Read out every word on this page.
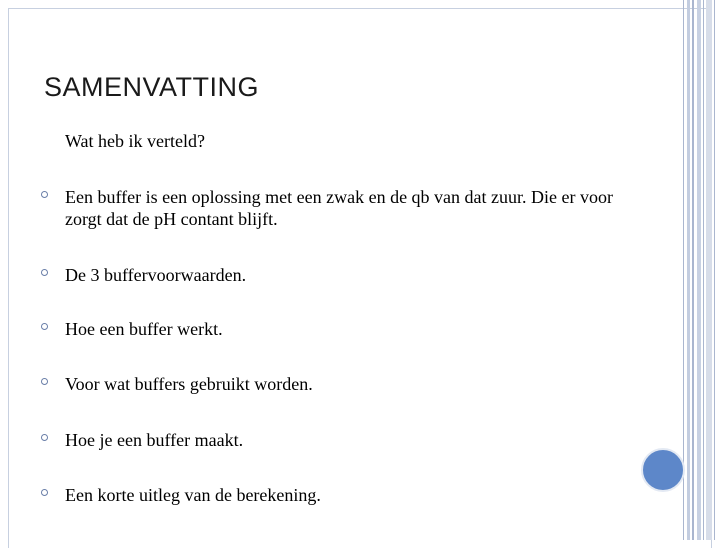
SAMENVATTING
Wat heb ik verteld?
Een buffer is een oplossing met een zwak en de qb van dat zuur. Die er voor zorgt dat de pH contant blijft.
De 3 buffervoorwaarden.
Hoe een buffer werkt.
Voor wat buffers gebruikt worden.
Hoe je een buffer maakt.
Een korte uitleg van de berekening.
